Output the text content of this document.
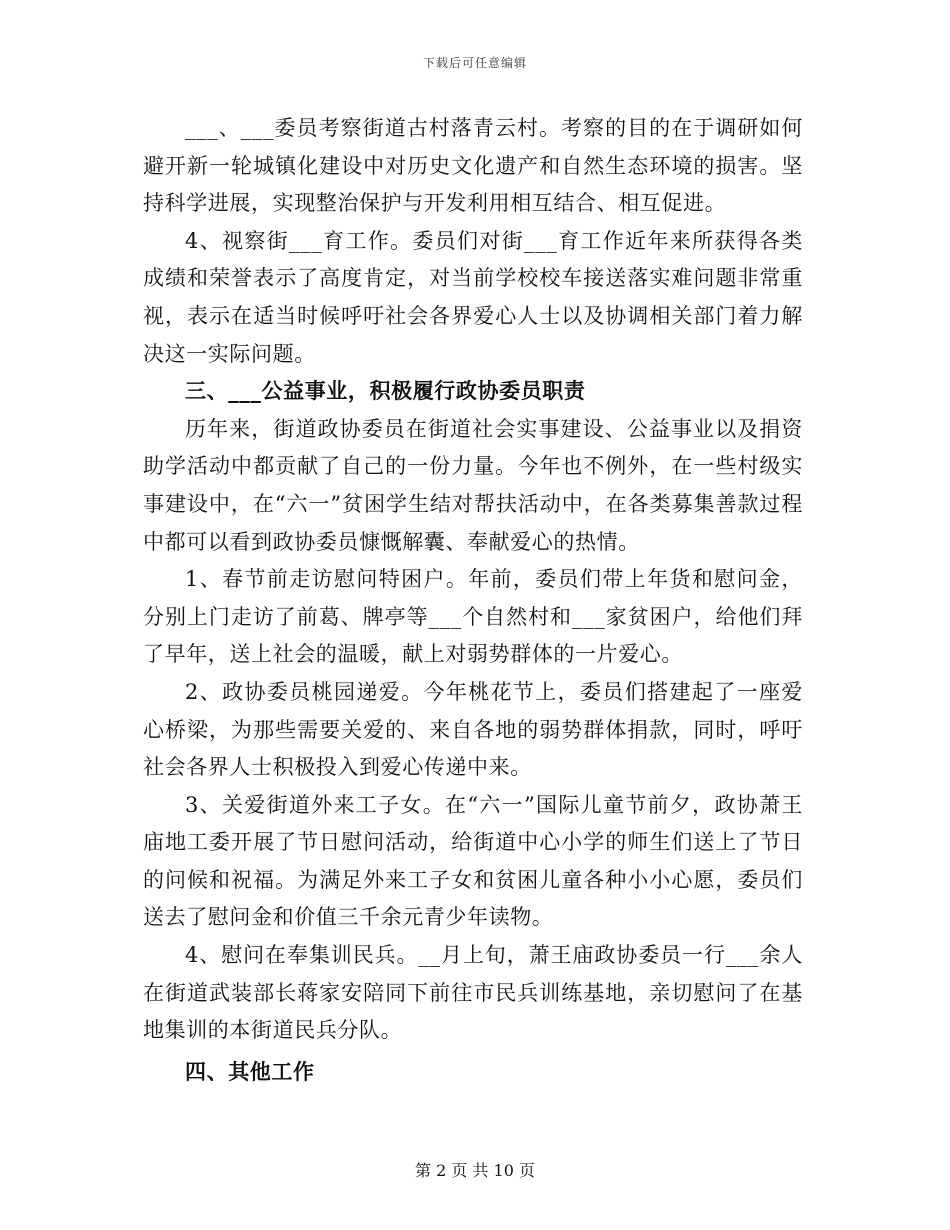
下载后可任意编辑

___、___委员考察街道古村落青云村。考察的目的在于调研如何避开新一轮城镇化建设中对历史文化遗产和自然生态环境的损害。坚持科学进展，实现整治保护与开发利用相互结合、相互促进。

4、视察街___育工作。委员们对街___育工作近年来所获得各类成绩和荣誉表示了高度肯定，对当前学校校车接送落实难问题非常重视，表示在适当时候呼吁社会各界爱心人士以及协调相关部门着力解决这一实际问题。

三、___公益事业，积极履行政协委员职责

历年来，街道政协委员在街道社会实事建设、公益事业以及捐资助学活动中都贡献了自己的一份力量。今年也不例外，在一些村级实事建设中，在“六一”贫困学生结对帮扶活动中，在各类募集善款过程中都可以看到政协委员慷慨解囊、奉献爱心的热情。

1、春节前走访慰问特困户。年前，委员们带上年货和慰问金，分别上门走访了前葛、牌亭等___个自然村和___家贫困户，给他们拜了早年，送上社会的温暖，献上对弱势群体的一片爱心。

2、政协委员桃园递爱。今年桃花节上，委员们搭建起了一座爱心桥梁，为那些需要关爱的、来自各地的弱势群体捐款，同时，呼吁社会各界人士积极投入到爱心传递中来。

3、关爱街道外来工子女。在“六一”国际儿童节前夕，政协萧王庙地工委开展了节日慰问活动，给街道中心小学的师生们送上了节日的问候和祝福。为满足外来工子女和贫困儿童各种小小心愿，委员们送去了慰问金和价值三千余元青少年读物。

4、慰问在奉集训民兵。__月上旬，萧王庙政协委员一行___余人在街道武装部长蒋家安陪同下前往市民兵训练基地，亲切慰问了在基地集训的本街道民兵分队。

四、其他工作

第 2 页 共 10 页
